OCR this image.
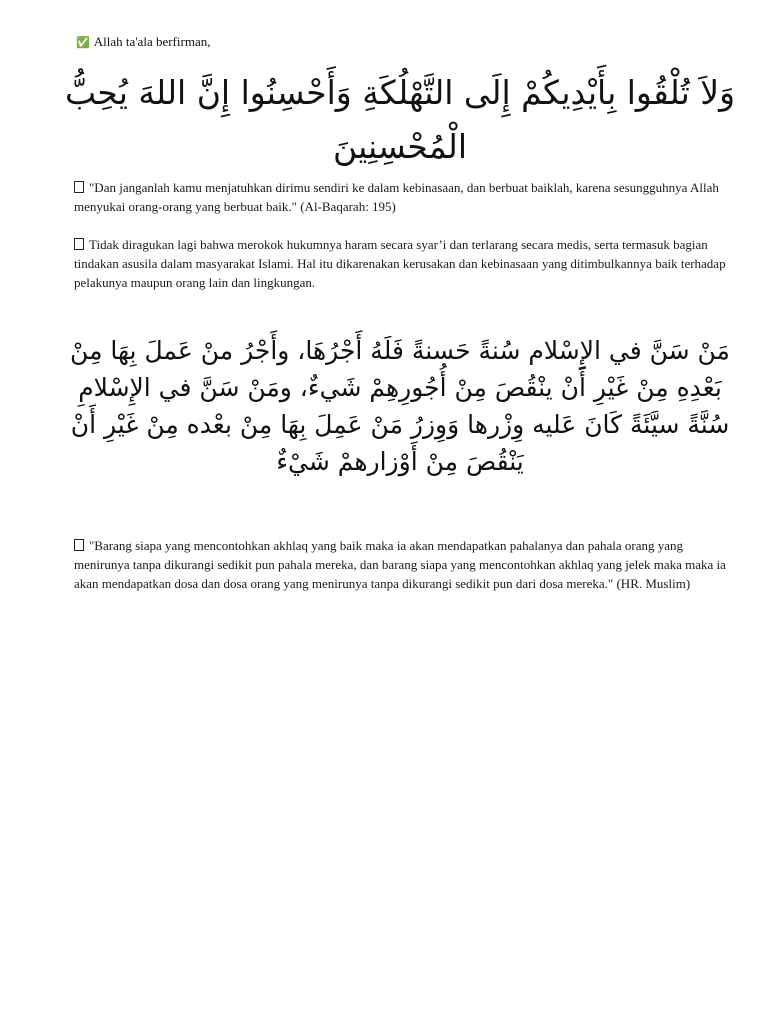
✅ Allah ta'ala berfirman,
وَلاَ تُلْقُوا بِأَيْدِيكُمْ إِلَى التَّهْلُكَةِ وَأَحْسِنُوا إِنَّ اللهَ يُحِبُّ الْمُحْسِنِينَ
"Dan janganlah kamu menjatuhkan dirimu sendiri ke dalam kebinasaan, dan berbuat baiklah, karena sesungguhnya Allah menyukai orang-orang yang berbuat baik." (Al-Baqarah: 195)
Tidak diragukan lagi bahwa merokok hukumnya haram secara syar’i dan terlarang secara medis, serta termasuk bagian tindakan asusila dalam masyarakat Islami. Hal itu dikarenakan kerusakan dan kebinasaan yang ditimbulkannya baik terhadap pelakunya maupun orang lain dan lingkungan.
مَنْ سَنَّ في الإِسْلام سُنةً حَسنةً فَلَهُ أَجْرُهَا، وأَجْرُ منْ عَملَ بِهَا مِنْ بَعْدِهِ مِنْ غَيْرِ أَنْ ينْقُصَ مِنْ أُجُورِهِمْ شَيءٌ، ومَنْ سَنَّ في الإِسْلامِ سُنَّةً سيَّئَةً كَانَ عَليه وِزْرها وَوِزرُ مَنْ عَمِلَ بِهَا مِنْ بعْده مِنْ غَيْرِ أَنْ يَنْقُصَ مِنْ أَوْزارهمْ شَيْءٌ
"Barang siapa yang mencontohkan akhlaq yang baik maka ia akan mendapatkan pahalanya dan pahala orang yang menirunya tanpa dikurangi sedikit pun pahala mereka, dan barang siapa yang mencontohkan akhlaq yang jelek maka maka ia akan mendapatkan dosa dan dosa orang yang menirunya tanpa dikurangi sedikit pun dari dosa mereka." (HR. Muslim)
